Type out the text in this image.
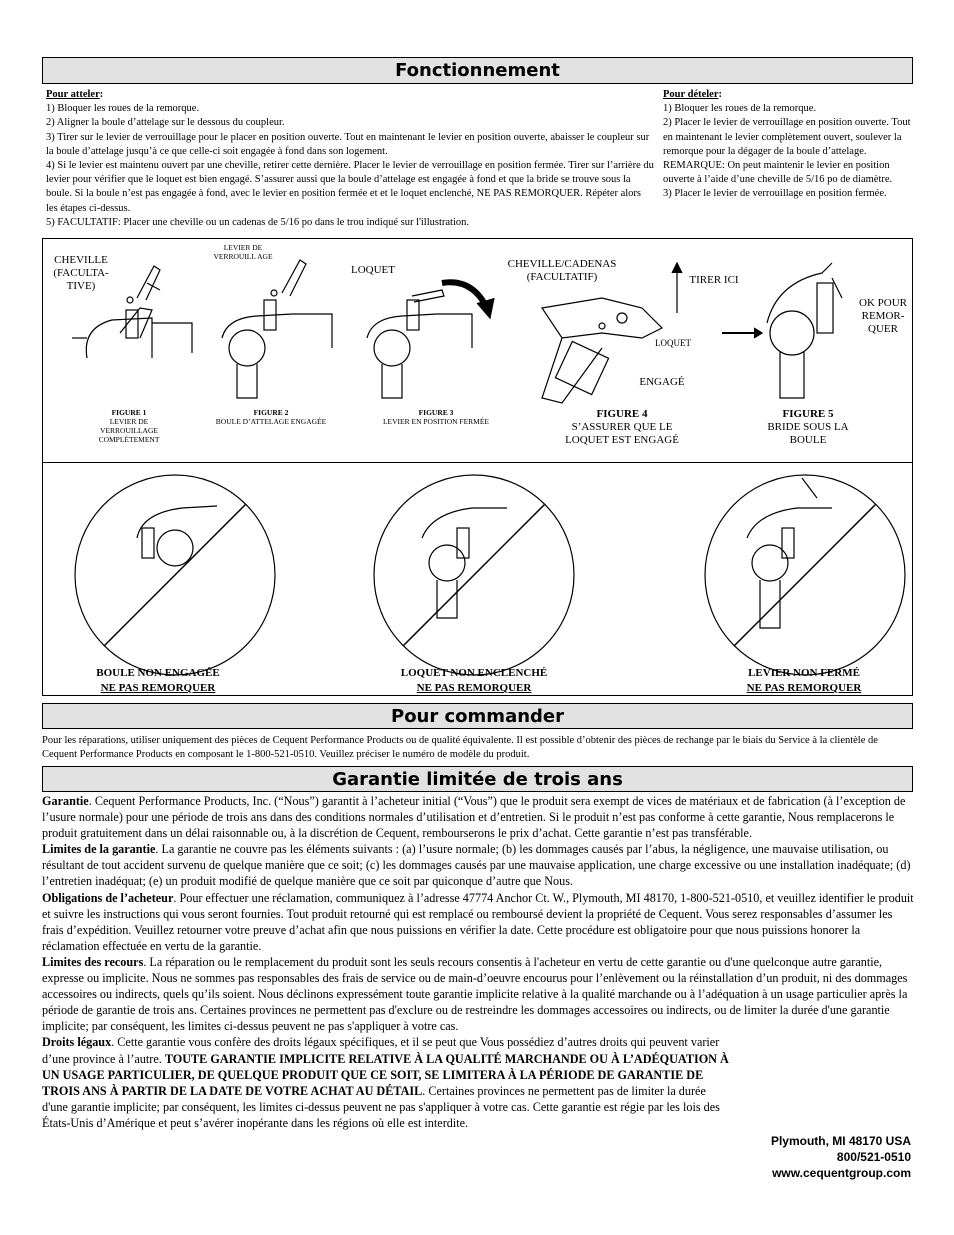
Fonctionnement
Pour atteler:
1) Bloquer les roues de la remorque.
2) Aligner la boule d’attelage sur le dessous du coupleur.
3) Tirer sur le levier de verrouillage pour le placer en position ouverte. Tout en maintenant le levier en position ouverte, abaisser le coupleur sur la boule d’attelage jusqu’à ce que celle-ci soit engagée à fond dans son logement.
4) Si le levier est maintenu ouvert par une cheville, retirer cette dernière. Placer le levier de verrouillage en position fermée. Tirer sur l’arrière du levier pour vérifier que le loquet est bien engagé. S’assurer aussi que la boule d’attelage est engagée à fond et que la bride se trouve sous la boule. Si la boule n’est pas engagée à fond, avec le levier en position fermée et et le loquet enclenché, NE PAS REMORQUER. Répéter alors les étapes ci-dessus.
5) FACULTATIF: Placer une cheville ou un cadenas de 5/16 po dans le trou indiqué sur l'illustration.
Pour dételer:
1) Bloquer les roues de la remorque.
2) Placer le levier de verrouillage en position ouverte. Tout en maintenant le levier complètement ouvert, soulever la remorque pour la dégager de la boule d’attelage. REMARQUE: On peut maintenir le levier en position ouverte à l’aide d’une cheville de 5/16 po de diamètre.
3) Placer le levier de verrouillage en position fermée.
CHEVILLE (FACULTA-TIVE)
LEVIER DE VERROUILL AGE
LOQUET	CHEVILLE/CADENAS (FACULTATIF)	TIRER ICI
LOQUET
ENGAGÉ
OK POUR REMOR-QUER
FIGURE 1
LEVIER DE VERROUILLAGE COMPLÈTEMENT
FIGURE 2
BOULE D’ATTELAGE ENGAGÉE
FIGURE 3
LEVIER EN POSITION FERMÉE
FIGURE 4
S’ASSURER QUE LE LOQUET EST ENGAGÉ
FIGURE 5
BRIDE SOUS LA BOULE
BOULE NON ENGAGÉE
NE PAS REMORQUER
LOQUET NON ENCLENCHÉ
NE PAS REMORQUER
LEVIER NON FERMÉ
NE PAS REMORQUER
Pour commander
Pour les réparations, utiliser uniquement des pièces de Cequent Performance Products ou de qualité équivalente. Il est possible d’obtenir des pièces de rechange par le biais du Service à la clientèle de Cequent Performance Products en composant le 1-800-521-0510. Veuillez préciser le numéro de modèle du produit.
Garantie limitée de trois ans

Garantie. Cequent Performance Products, Inc. (“Nous”) garantit à l’acheteur initial (“Vous”) que le produit sera exempt de vices de matériaux et de fabrication (à l’exception de l’usure normale) pour une période de trois ans dans des conditions normales d’utilisation et d’entretien. Si le produit n’est pas conforme à cette garantie, Nous remplacerons le produit gratuitement dans un délai raisonnable ou, à la discrétion de Cequent, rembourserons le prix d’achat. Cette garantie n’est pas transférable.

Limites de la garantie. La garantie ne couvre pas les éléments suivants : (a) l’usure normale; (b) les dommages causés par l’abus, la négligence, une mauvaise utilisation, ou résultant de tout accident survenu de quelque manière que ce soit; (c) les dommages causés par une mauvaise application, une charge excessive ou une installation inadéquate; (d) l’entretien inadéquat; (e) un produit modifié de quelque manière que ce soit par quiconque d’autre que Nous.

Obligations de l’acheteur. Pour effectuer une réclamation, communiquez à l’adresse 47774 Anchor Ct. W., Plymouth, MI 48170, 1-800-521-0510, et veuillez identifier le produit et suivre les instructions qui vous seront fournies. Tout produit retourné qui est remplacé ou remboursé devient la propriété de Cequent. Vous serez responsables d’assumer les frais d’expédition. Veuillez retourner votre preuve d’achat afin que nous puissions en vérifier la date. Cette procédure est obligatoire pour que nous puissions honorer la réclamation effectuée en vertu de la garantie.

Limites des recours. La réparation ou le remplacement du produit sont les seuls recours consentis à l'acheteur en vertu de cette garantie ou d'une quelconque autre garantie, expresse ou implicite. Nous ne sommes pas responsables des frais de service ou de main-d’oeuvre encourus pour l’enlèvement ou la réinstallation d’un produit, ni des dommages accessoires ou indirects, quels qu’ils soient. Nous déclinons expressément toute garantie implicite relative à la qualité marchande ou à l’adéquation à un usage particulier après la période de garantie de trois ans. Certaines provinces ne permettent pas d'exclure ou de restreindre les dommages accessoires ou indirects, ou de limiter la durée d'une garantie implicite; par conséquent, les limites ci-dessus peuvent ne pas s'appliquer à votre cas.

Droits légaux. Cette garantie vous confère des droits légaux spécifiques, et il se peut que Vous possédiez d’autres droits qui peuvent varier d’une province à l’autre. TOUTE GARANTIE IMPLICITE RELATIVE À LA QUALITÉ MARCHANDE OU À L’ADÉQUATION À UN USAGE PARTICULIER, DE QUELQUE PRODUIT QUE CE SOIT, SE LIMITERA À LA PÉRIODE DE GARANTIE DE TROIS ANS À PARTIR DE LA DATE DE VOTRE ACHAT AU DÉTAIL. Certaines provinces ne permettent pas de limiter la durée d'une garantie implicite; par conséquent, les limites ci-dessus peuvent ne pas s'appliquer à votre cas. Cette garantie est régie par les lois des États-Unis d’Amérique et peut s’avérer inopérante dans les régions où elle est interdite.

Plymouth, MI 48170 USA
800/521-0510
www.cequentgroup.com
